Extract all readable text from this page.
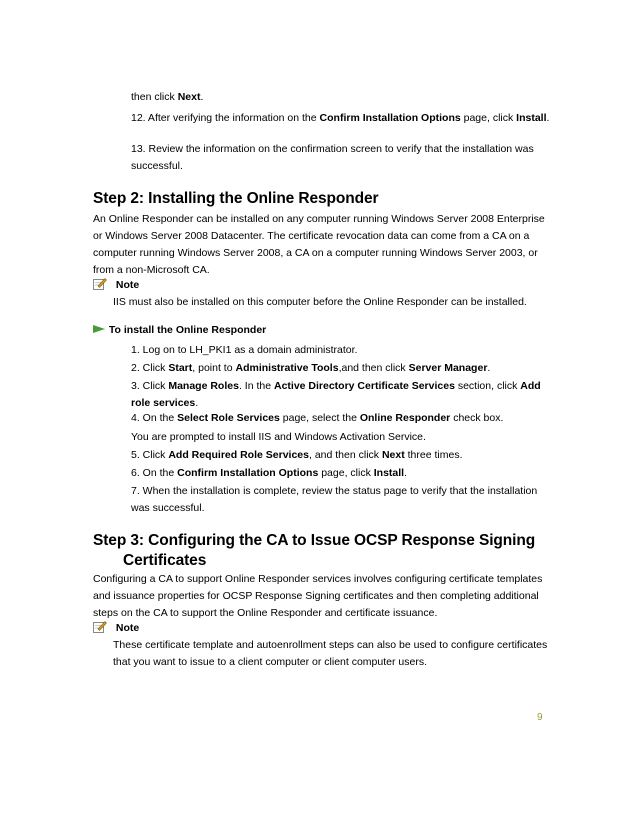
then click Next.

12. After verifying the information on the Confirm Installation Options page, click Install.

13. Review the information on the confirmation screen to verify that the installation was successful.

Step 2: Installing the Online Responder

An Online Responder can be installed on any computer running Windows Server 2008 Enterprise or Windows Server 2008 Datacenter. The certificate revocation data can come from a CA on a computer running Windows Server 2008, a CA on a computer running Windows Server 2003, or from a non-Microsoft CA.

Note

IIS must also be installed on this computer before the Online Responder can be installed.

To install the Online Responder

1. Log on to LH_PKI1 as a domain administrator.

2. Click Start, point to Administrative Tools,and then click Server Manager.

3. Click Manage Roles. In the Active Directory Certificate Services section, click Add role services.

4. On the Select Role Services page, select the Online Responder check box.

You are prompted to install IIS and Windows Activation Service.

5. Click Add Required Role Services, and then click Next three times.

6. On the Confirm Installation Options page, click Install.

7. When the installation is complete, review the status page to verify that the installation was successful.

Step 3: Configuring the CA to Issue OCSP Response Signing
Certificates

Configuring a CA to support Online Responder services involves configuring certificate templates and issuance properties for OCSP Response Signing certificates and then completing additional steps on the CA to support the Online Responder and certificate issuance.

Note

These certificate template and autoenrollment steps can also be used to configure certificates that you want to issue to a client computer or client computer users.

9
